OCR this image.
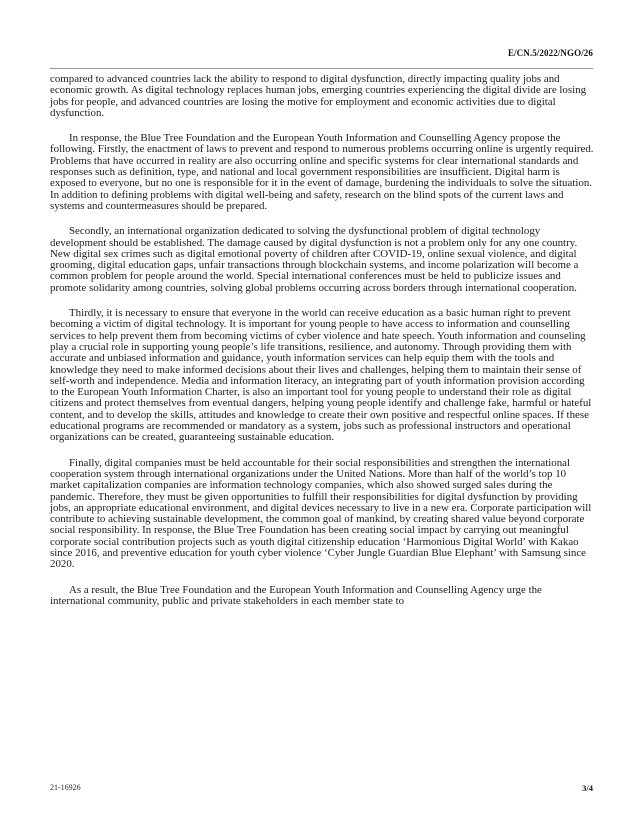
E/CN.5/2022/NGO/26

compared to advanced countries lack the ability to respond to digital dysfunction, directly impacting quality jobs and economic growth. As digital technology replaces human jobs, emerging countries experiencing the digital divide are losing jobs for people, and advanced countries are losing the motive for employment and economic activities due to digital dysfunction.

In response, the Blue Tree Foundation and the European Youth Information and Counselling Agency propose the following. Firstly, the enactment of laws to prevent and respond to numerous problems occurring online is urgently required. Problems that have occurred in reality are also occurring online and specific systems for clear international standards and responses such as definition, type, and national and local government responsibilities are insufficient. Digital harm is exposed to everyone, but no one is responsible for it in the event of damage, burdening the individuals to solve the situation. In addition to defining problems with digital well-being and safety, research on the blind spots of the current laws and systems and countermeasures should be prepared.

Secondly, an international organization dedicated to solving the dysfunctional problem of digital technology development should be established. The damage caused by digital dysfunction is not a problem only for any one country. New digital sex crimes such as digital emotional poverty of children after COVID-19, online sexual violence, and digital grooming, digital education gaps, unfair transactions through blockchain systems, and income polarization will become a common problem for people around the world. Special international conferences must be held to publicize issues and promote solidarity among countries, solving global problems occurring across borders through international cooperation.

Thirdly, it is necessary to ensure that everyone in the world can receive education as a basic human right to prevent becoming a victim of digital technology. It is important for young people to have access to information and counselling services to help prevent them from becoming victims of cyber violence and hate speech. Youth information and counseling play a crucial role in supporting young people’s life transitions, resilience, and autonomy. Through providing them with accurate and unbiased information and guidance, youth information services can help equip them with the tools and knowledge they need to make informed decisions about their lives and challenges, helping them to maintain their sense of self-worth and independence. Media and information literacy, an integrating part of youth information provision according to the European Youth Information Charter, is also an important tool for young people to understand their role as digital citizens and protect themselves from eventual dangers, helping young people identify and challenge fake, harmful or hateful content, and to develop the skills, attitudes and knowledge to create their own positive and respectful online spaces. If these educational programs are recommended or mandatory as a system, jobs such as professional instructors and operational organizations can be created, guaranteeing sustainable education.

Finally, digital companies must be held accountable for their social responsibilities and strengthen the international cooperation system through international organizations under the United Nations. More than half of the world’s top 10 market capitalization companies are information technology companies, which also showed surged sales during the pandemic. Therefore, they must be given opportunities to fulfill their responsibilities for digital dysfunction by providing jobs, an appropriate educational environment, and digital devices necessary to live in a new era. Corporate participation will contribute to achieving sustainable development, the common goal of mankind, by creating shared value beyond corporate social responsibility. In response, the Blue Tree Foundation has been creating social impact by carrying out meaningful corporate social contribution projects such as youth digital citizenship education ‘Harmonious Digital World’ with Kakao since 2016, and preventive education for youth cyber violence ‘Cyber Jungle Guardian Blue Elephant’ with Samsung since 2020.

As a result, the Blue Tree Foundation and the European Youth Information and Counselling Agency urge the international community, public and private stakeholders in each member state to

21-16926	3/4
